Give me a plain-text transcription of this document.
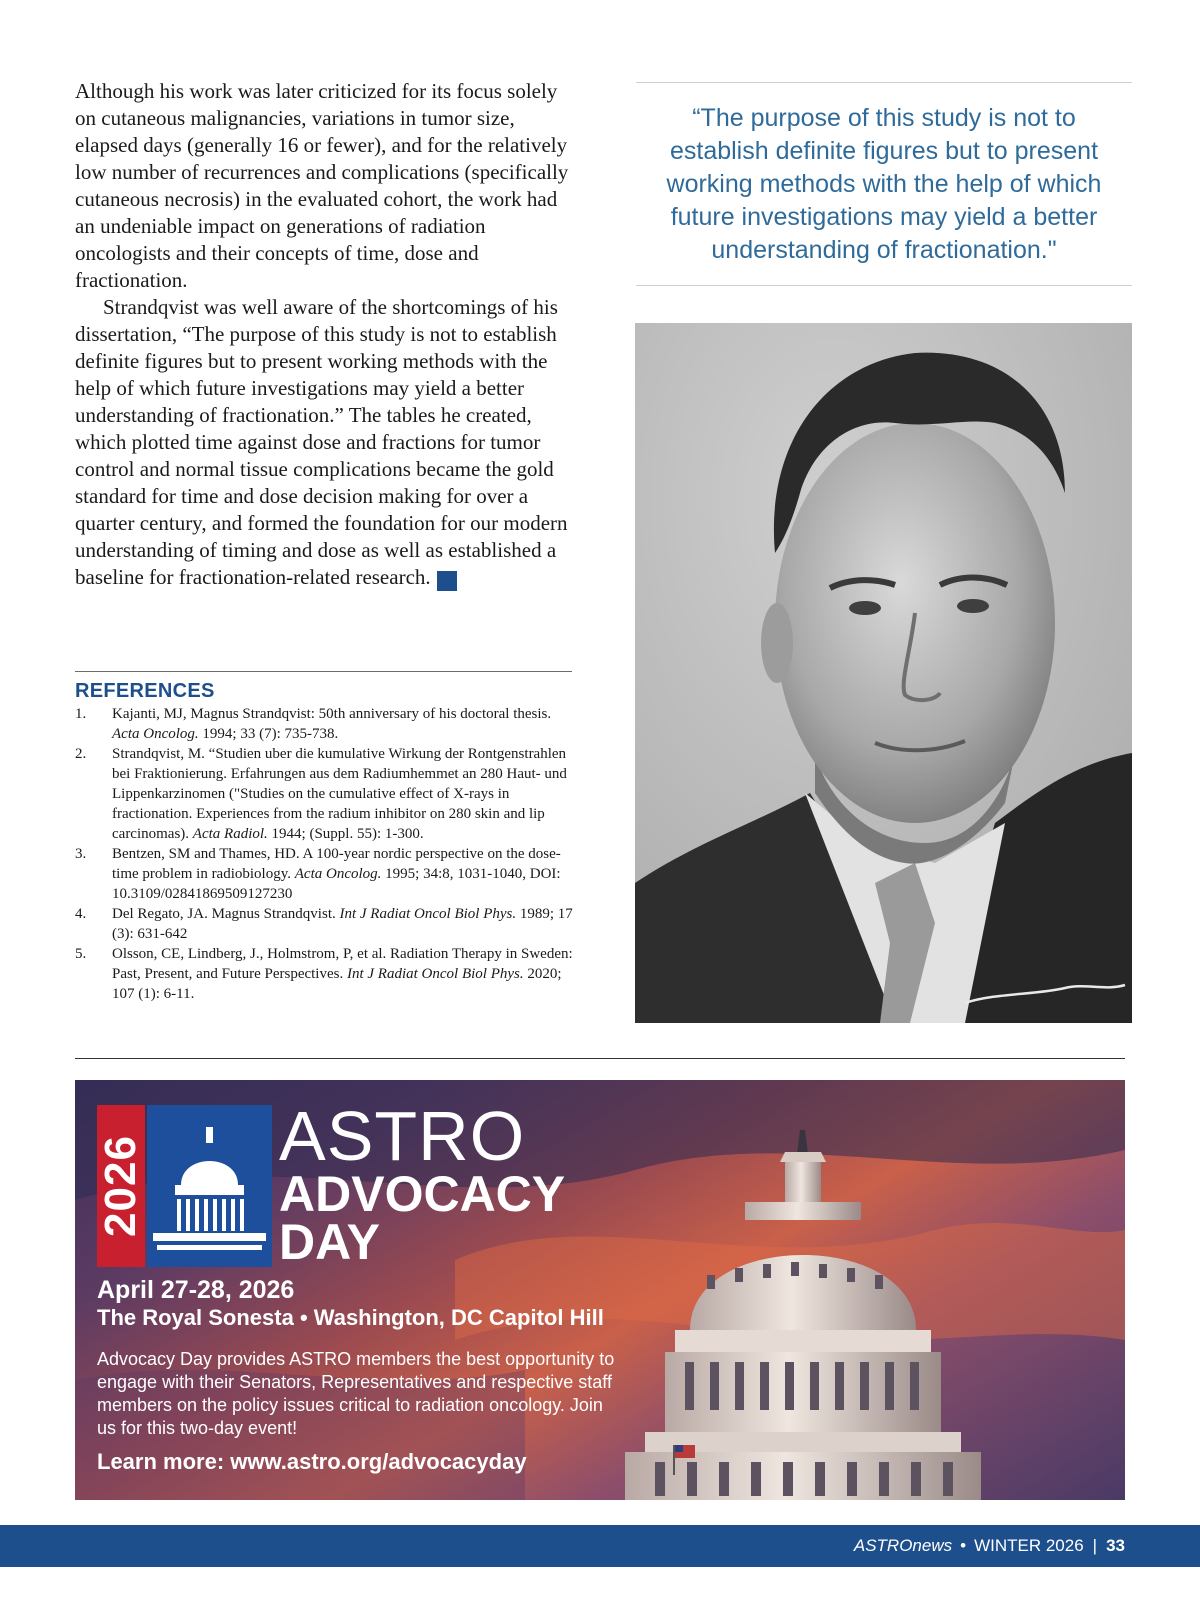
Although his work was later criticized for its focus solely on cutaneous malignancies, variations in tumor size, elapsed days (generally 16 or fewer), and for the relatively low number of recurrences and complications (specifically cutaneous necrosis) in the evaluated cohort, the work had an undeniable impact on generations of radiation oncologists and their concepts of time, dose and fractionation.

Strandqvist was well aware of the shortcomings of his dissertation, “The purpose of this study is not to establish definite figures but to present working methods with the help of which future investigations may yield a better understanding of fractionation.” The tables he created, which plotted time against dose and fractions for tumor control and normal tissue complications became the gold standard for time and dose decision making for over a quarter century, and formed the foundation for our modern understanding of timing and dose as well as established a baseline for fractionation-related research. A

“The purpose of this study is not to establish definite figures but to present working methods with the help of which future investigations may yield a better understanding of fractionation."

REFERENCES
1. Kajanti, MJ, Magnus Strandqvist: 50th anniversary of his doctoral thesis. Acta Oncolog. 1994; 33 (7): 735-738.
2. Strandqvist, M. “Studien uber die kumulative Wirkung der Rontgenstrahlen bei Fraktionierung. Erfahrungen aus dem Radiumhemmet an 280 Haut- und Lippenkarzinomen ("Studies on the cumulative effect of X-rays in fractionation. Experiences from the radium inhibitor on 280 skin and lip carcinomas). Acta Radiol. 1944; (Suppl. 55): 1-300.
3. Bentzen, SM and Thames, HD. A 100-year nordic perspective on the dose-time problem in radiobiology. Acta Oncolog. 1995; 34:8, 1031-1040, DOI: 10.3109/02841869509127230
4. Del Regato, JA. Magnus Strandqvist. Int J Radiat Oncol Biol Phys. 1989; 17 (3): 631-642
5. Olsson, CE, Lindberg, J., Holmstrom, P, et al. Radiation Therapy in Sweden: Past, Present, and Future Perspectives. Int J Radiat Oncol Biol Phys. 2020; 107 (1): 6-11.
2026 ASTRO
ADVOCACY
DAY

April 27-28, 2026

The Royal Sonesta • Washington, DC Capitol Hill

Advocacy Day provides ASTRO members the best opportunity to engage with their Senators, Representatives and respective staff members on the policy issues critical to radiation oncology. Join us for this two-day event!

Learn more: www.astro.org/advocacyday

ASTROnews • WINTER 2026 | 33
